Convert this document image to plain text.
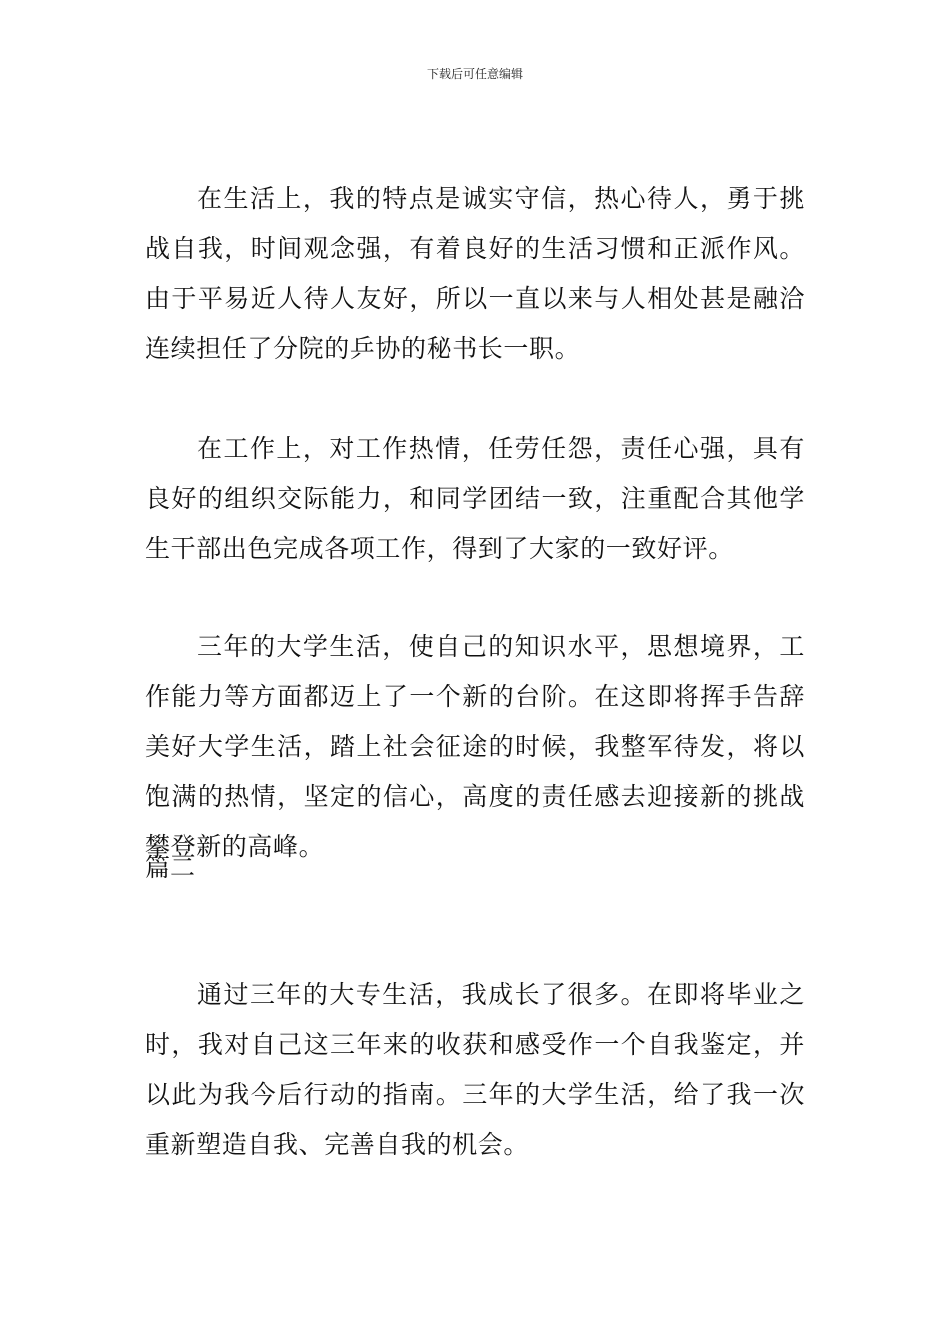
下载后可任意编辑

在生活上，我的特点是诚实守信，热心待人，勇于挑战自我，时间观念强，有着良好的生活习惯和正派作风。由于平易近人待人友好，所以一直以来与人相处甚是融洽连续担任了分院的乒协的秘书长一职。

在工作上，对工作热情，任劳任怨，责任心强，具有良好的组织交际能力，和同学团结一致，注重配合其他学生干部出色完成各项工作，得到了大家的一致好评。

三年的大学生活，使自己的知识水平，思想境界，工作能力等方面都迈上了一个新的台阶。在这即将挥手告辞美好大学生活，踏上社会征途的时候，我整军待发，将以饱满的热情，坚定的信心，高度的责任感去迎接新的挑战攀登新的高峰。

篇二

通过三年的大专生活，我成长了很多。在即将毕业之时，我对自己这三年来的收获和感受作一个自我鉴定，并以此为我今后行动的指南。三年的大学生活，给了我一次重新塑造自我、完善自我的机会。
